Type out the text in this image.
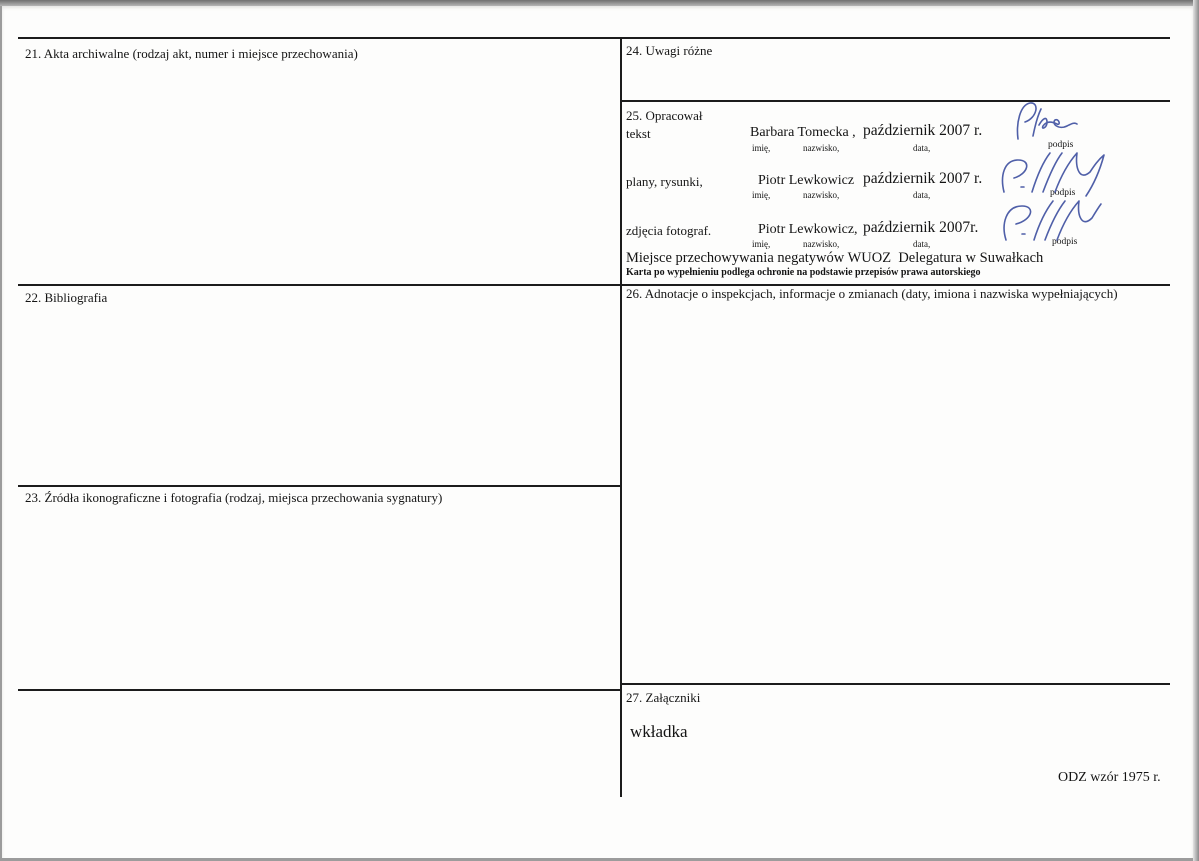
21. Akta archiwalne (rodzaj akt, numer i miejsce przechowania)
22. Bibliografia
23. Źródła ikonograficzne i fotografia (rodzaj, miejsca przechowania sygnatury)
24. Uwagi różne
25. Opracował
tekst	Barbara Tomecka , październik 2007 r.
imię,	nazwisko,	data,	podpis
plany, rysunki,	Piotr Lewkowicz październik 2007 r.
imię,	nazwisko,	data,	podpis
zdjęcia fotograf.	Piotr Lewkowicz, październik 2007r.
imię,	nazwisko,	data,	podpis
Miejsce przechowywania negatywów WUOZ  Delegatura w Suwałkach
Karta po wypełnieniu podlega ochronie na podstawie przepisów prawa autorskiego
26. Adnotacje o inspekcjach, informacje o zmianach (daty, imiona i nazwiska wypełniających)
27. Załączniki
wkładka
ODZ wzór 1975 r.
